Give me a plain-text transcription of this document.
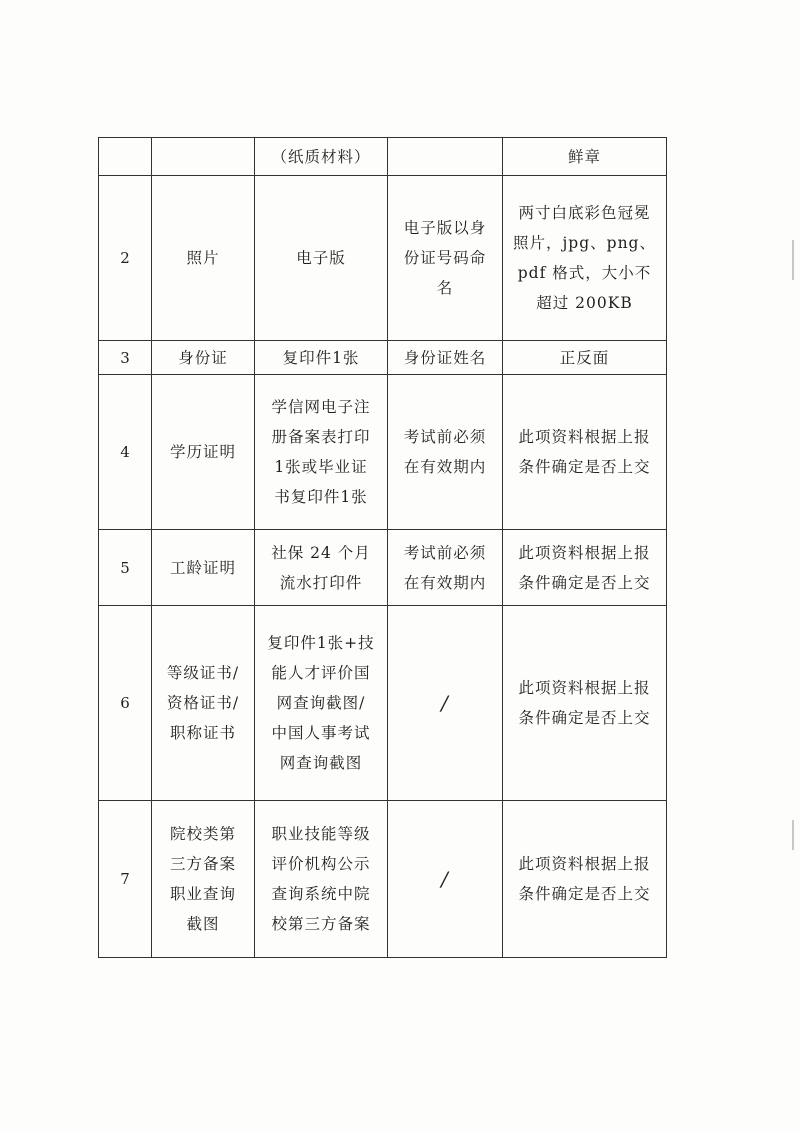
		（纸质材料）		鲜章

2	照片	电子版	电子版以身
份证号码命
名	两寸白底彩色冠冕
照片，jpg、png、
pdf 格式，大小不
超过 200KB

3	身份证	复印件1张	身份证姓名	正反面

4	学历证明	学信网电子注
册备案表打印
1张或毕业证
书复印件1张	考试前必须
在有效期内	此项资料根据上报
条件确定是否上交

5	工龄证明	社保 24 个月
流水打印件	考试前必须
在有效期内	此项资料根据上报
条件确定是否上交

6	等级证书/
资格证书/
职称证书	复印件1张+技
能人才评价国
网查询截图/
中国人事考试
网查询截图	/	此项资料根据上报
条件确定是否上交

7	院校类第
三方备案
职业查询
截图	职业技能等级
评价机构公示
查询系统中院
校第三方备案	/	此项资料根据上报
条件确定是否上交
